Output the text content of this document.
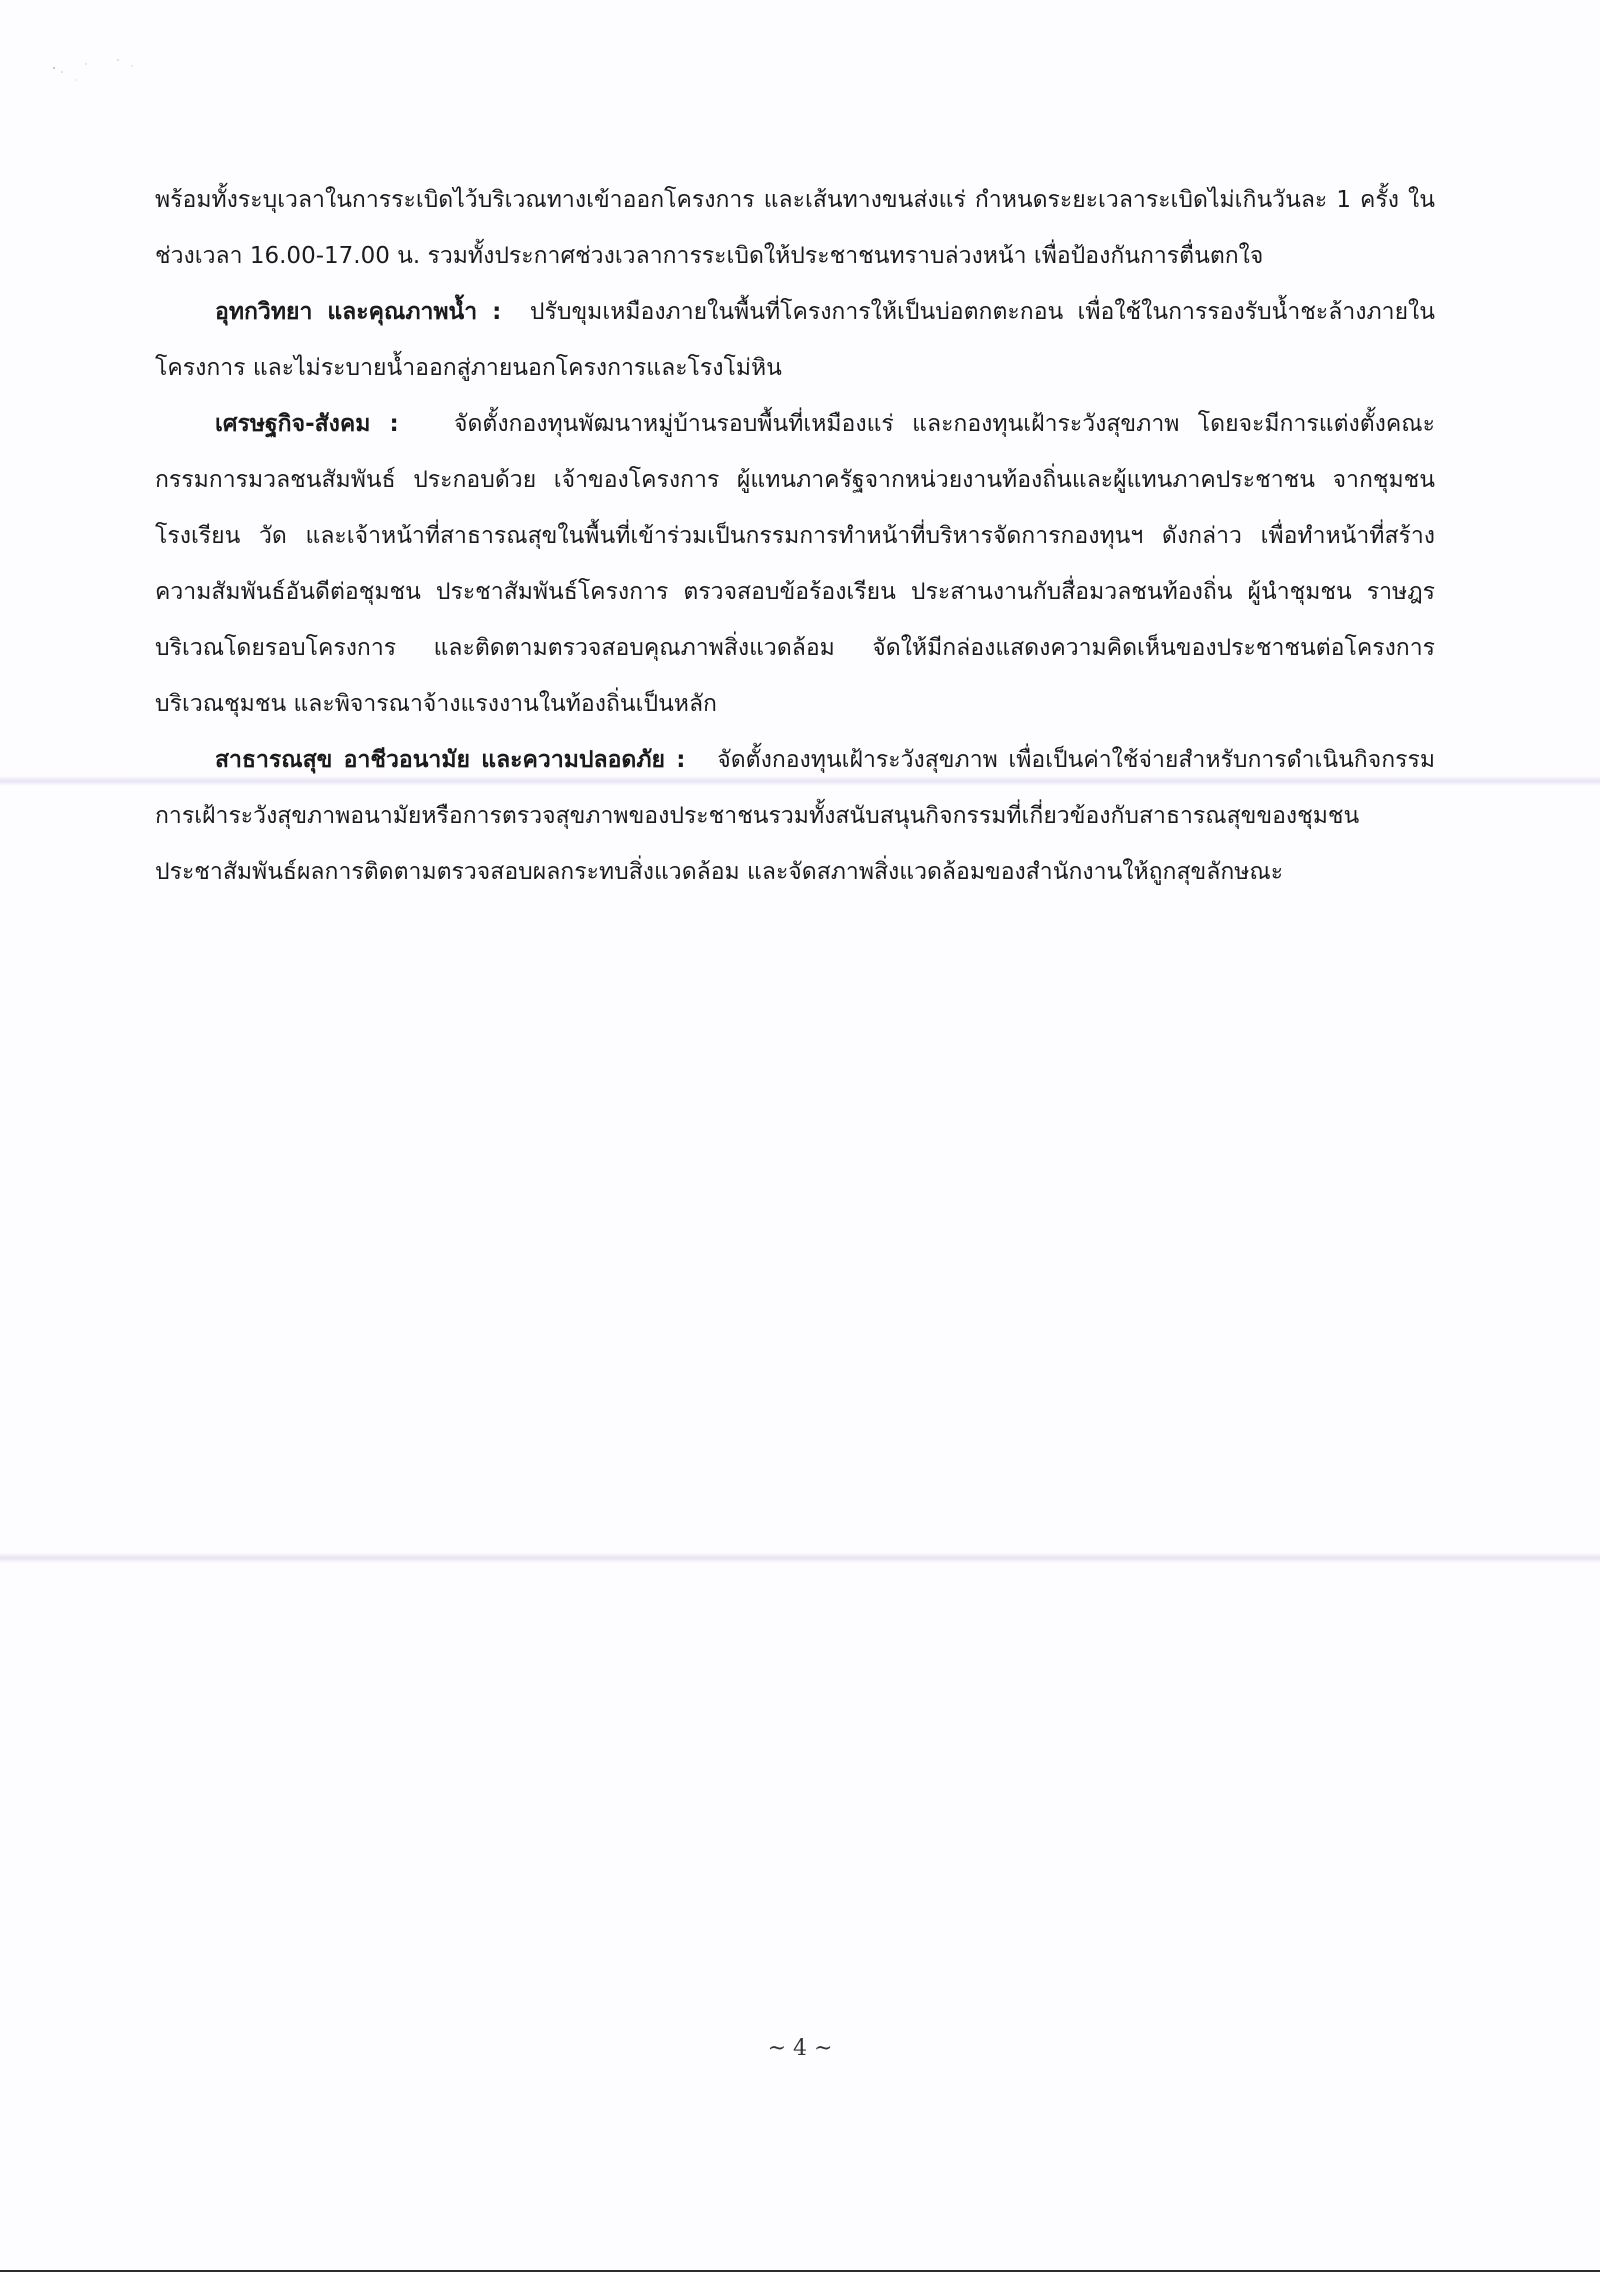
พร้อมทั้งระบุเวลาในการระเบิดไว้บริเวณทางเข้าออกโครงการ และเส้นทางขนส่งแร่ กำหนดระยะเวลาระเบิดไม่เกินวันละ 1 ครั้ง ในช่วงเวลา 16.00-17.00 น. รวมทั้งประกาศช่วงเวลาการระเบิดให้ประชาชนทราบล่วงหน้า เพื่อป้องกันการตื่นตกใจ

อุทกวิทยา และคุณภาพน้ำ : ปรับขุมเหมืองภายในพื้นที่โครงการให้เป็นบ่อตกตะกอน เพื่อใช้ในการรองรับน้ำชะล้างภายในโครงการ และไม่ระบายน้ำออกสู่ภายนอกโครงการและโรงโม่หิน

เศรษฐกิจ-สังคม : จัดตั้งกองทุนพัฒนาหมู่บ้านรอบพื้นที่เหมืองแร่ และกองทุนเฝ้าระวังสุขภาพ โดยจะมีการแต่งตั้งคณะกรรมการมวลชนสัมพันธ์ ประกอบด้วย เจ้าของโครงการ ผู้แทนภาครัฐจากหน่วยงานท้องถิ่นและผู้แทนภาคประชาชน จากชุมชน โรงเรียน วัด และเจ้าหน้าที่สาธารณสุขในพื้นที่เข้าร่วมเป็นกรรมการทำหน้าที่บริหารจัดการกองทุนฯ ดังกล่าว เพื่อทำหน้าที่สร้างความสัมพันธ์อันดีต่อชุมชน ประชาสัมพันธ์โครงการ ตรวจสอบข้อร้องเรียน ประสานงานกับสื่อมวลชนท้องถิ่น ผู้นำชุมชน ราษฎรบริเวณโดยรอบโครงการ และติดตามตรวจสอบคุณภาพสิ่งแวดล้อม จัดให้มีกล่องแสดงความคิดเห็นของประชาชนต่อโครงการบริเวณชุมชน และพิจารณาจ้างแรงงานในท้องถิ่นเป็นหลัก

สาธารณสุข อาชีวอนามัย และความปลอดภัย : จัดตั้งกองทุนเฝ้าระวังสุขภาพ เพื่อเป็นค่าใช้จ่ายสำหรับการดำเนินกิจกรรมการเฝ้าระวังสุขภาพอนามัยหรือการตรวจสุขภาพของประชาชนรวมทั้งสนับสนุนกิจกรรมที่เกี่ยวข้องกับสาธารณสุขของชุมชน ประชาสัมพันธ์ผลการติดตามตรวจสอบผลกระทบสิ่งแวดล้อม และจัดสภาพสิ่งแวดล้อมของสำนักงานให้ถูกสุขลักษณะ

~ 4 ~
